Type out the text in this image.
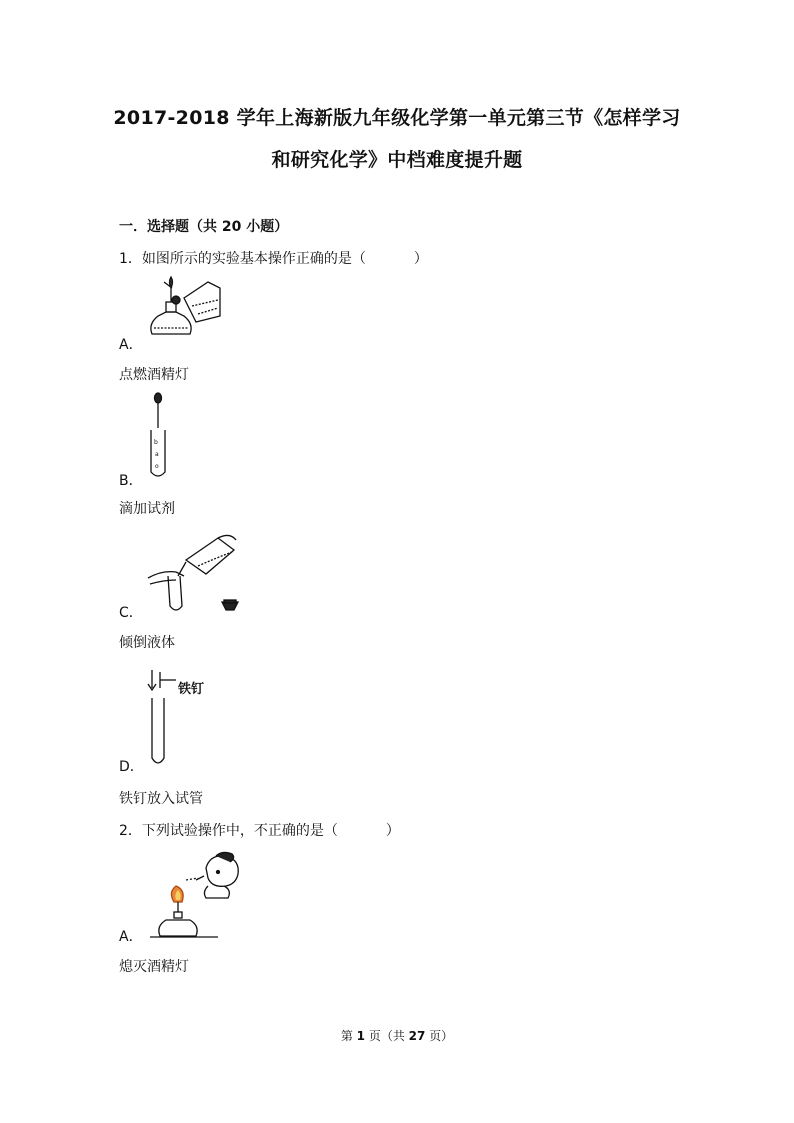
2017-2018 学年上海新版九年级化学第一单元第三节《怎样学习
和研究化学》中档难度提升题
一．选择题（共 20 小题）
1．如图所示的实验基本操作正确的是（	）
A．
点燃酒精灯
b
a
o
B．
滴加试剂
C．
倾倒液体
铁钉
D．
铁钉放入试管
2．下列试验操作中，不正确的是（	）
A．
熄灭酒精灯
第 1 页（共 27 页）
